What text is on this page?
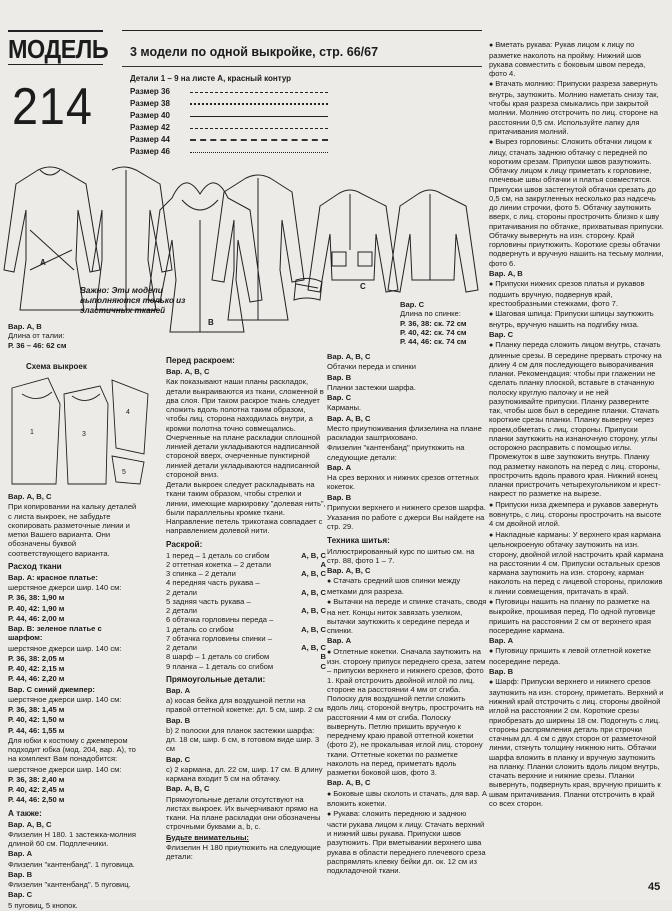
МОДЕЛЬ
214
3 модели по одной выкройке, стр. 66/67
Детали 1 – 9 на листе А, красный контур
Размер 36
Размер 38
Размер 40
Размер 42
Размер 44
Размер 46
А
В
С
Вар. А, В
Длина от талии:
Р. 36 – 46: 62 см
Важно: Эти модели выполняются только из эластичных тканей
Вар. С
Длина по спинке:
Р. 36, 38: ск. 72 см
Р. 40, 42: ск. 74 см
Р. 44, 46: ск. 74 см
Схема выкроек
1	3
4
5

Вар. А, В, С

При копировании на кальку деталей с листа выкроек, не забудьте скопировать разметочные линии и метки Вашего варианта. Они обозначены буквой соответствующего варианта.

Расход ткани

Вар. А: красное платье:

шерстяное джерси шир. 140 см:

Р. 36, 38: 1,90 м

Р. 40, 42: 1,90 м

Р. 44, 46: 2,00 м

Вар. В: зеленое платье с шарфом:

шерстяное джерси шир. 140 см:

Р. 36, 38: 2,05 м

Р. 40, 42: 2,15 м

Р. 44, 46: 2,20 м

Вар. С синий джемпер:

шерстяное джерси шир. 140 см:

Р. 36, 38: 1,45 м

Р. 40, 42: 1,50 м

Р. 44, 46: 1,55 м

Для юбки к костюму с джемпером подходит юбка (мод. 204, вар. А), то на комплект Вам понадобится:

шерстяное джерси шир. 140 см:

Р. 36, 38: 2,40 м

Р. 40, 42: 2,45 м

Р. 44, 46: 2,50 м

А также:

Вар. А, В, С

Флизелин Н 180. 1 застежка-молния длиной 60 см. Подплечники.

Вар. А

Флизелин "кантенбанд". 1 пуговица.

Вар. В

Флизелин "кантенбанд". 5 пуговиц.

Вар. С

5 пуговиц, 5 кнопок.

Перед раскроем:

Вар. А, В, С

Как показывают наши планы раскладок, детали выкраиваются из ткани, сложенной в два слоя. При таком раскрое ткань следует сложить вдоль полотна таким образом, чтобы лиц. сторона находилась внутри, а кромки полотна точно совмещались. Очерченные на плане раскладки сплошной линией детали укладываются надписанной стороной вверх, очерченные пунктирной линией детали укладываются надписанной стороной вниз.

Детали выкроек следует раскладывать на ткани таким образом, чтобы стрелки и линии, имеющие маркировку "долевая нить", были параллельны кромке ткани. Направление петель трикотажа совпадает с направлением долевой нити.

Раскрой:

1 перед – 1 деталь со сгибом	А, В, С
2 оттетная кокетка – 2 детали	А
3 спинка – 2 детали	А, В, С
4 передняя часть рукава –
2 детали	А, В, С
5 задняя часть рукава –
2 детали	А, В, С
6 обтачка горловины переда –
1 деталь со сгибом	А, В, С
7 обтачка горловины спинки –
2 детали	А, В, С
8 шарф – 1 деталь со сгибом	В
9 планка – 1 деталь со сгибом	С

Прямоугольные детали:

Вар. А

а) косая бейка для воздушной петли на правой оттетной кокетке: дл. 5 см, шир. 2 см

Вар. В

b) 2 полоски для планок застежки шарфа: дл. 18 см, шир. 6 см, в готовом виде шир. 3 см

Вар. С

с) 2 кармана, дл. 22 см, шир. 17 см. В длину кармана входит 5 см на обтачку.

Вар. А, В, С

Прямоугольные детали отсутствуют на листах выкроек. Их вычерчивают прямо на ткани. На плане раскладки они обозначены строчными буквами а, b, с.

Будьте внимательны:

Флизелин Н 180 приутюжить на следующие детали:

Вар. А, В, С

Обтачки переда и спинки

Вар. В

Планки застежки шарфа.

Вар. С

Карманы.

Вар. А, В, С

Место приутюживания флизелина на плане раскладки заштриховано.

Флизелин "кантенбанд" приутюжить на следующие детали:

Вар. А

На срез верхних и нижних срезов оттетных кокеток.

Вар. В

Припуски верхнего и нижнего срезов шарфа.

Указания по работе с джерси Вы найдете на стр. 29.

Техника шитья:

Иллюстрированный курс по шитью см. на стр. 88, фото 1 – 7.

Вар. А, В, С

● Стачать средний шов спинки между метками для разреза.

● Вытачки на переде и спинке стачать, сводя на нет. Концы ниток завязать узелком, вытачки заутюжить к середине переда и спинки.

Вар. А

● Отлетные кокетки. Сначала заутюжить на изн. сторону припуск переднего среза, затем – припуски верхнего и нижнего срезов, фото 1. Край отстрочить двойной иглой по лиц. стороне на расстоянии 4 мм от сгиба. Полоску для воздушной петли сложить вдоль лиц. стороной внутрь, прострочить на расстоянии 4 мм от сгиба. Полоску вывернуть. Петлю пришить вручную к переднему краю правой оттетной кокетки (фото 2), не прокалывая иглой лиц. сторону ткани. Оттетные кокетки по разметке наколоть на перед, приметать вдоль разметки боковой шов, фото 3.

Вар. А, В, С

● Боковые швы сколоть и стачать, для вар. А вложить кокетки.

● Рукава: сложить переднюю и заднюю части рукава лицом к лицу. Стачать верхний и нижний швы рукава. Припуски швов разутюжить. При вметывании верхнего шва рукава в области переднего плечевого среза распрямлять клевку бейки дл. ок. 12 см из подкладочной ткани.

● Вметать рукава: Рукав лицом к лицу по разметке наколоть на пройму. Нижний шов рукава совместить с боковым швом переда, фото 4.

● Втачать молнию: Припуски разреза завернуть внутрь, заутюжить. Молнию наметать снизу так, чтобы края разреза смыкались при закрытой молнии. Молнию отстрочить по лиц. стороне на расстоянии 0,5 см. Используйте лапку для притачивания молний.

● Вырез горловины: Сложить обтачки лицом к лицу, стачать заднюю обтачку с передней по коротким срезам. Припуски швов разутюжить. Обтачку лицом к лицу приметать к горловине, плечевые швы обтачки и платья совместятся. Припуски швов застегнутой обтачки срезать до 0,5 см, на закругленных несколько раз надсечь до линии строчки, фото 5. Обтачку заутюжить вверх, с лиц. стороны прострочить близко к шву притачивания по обтачке, прихватывая припуски. Обтачку вывернуть на изн. сторону. Край горловины приутюжить. Короткие срезы обтачки подвернуть и вручную нашить на тесьму молнии, фото 6.

Вар. А, В

● Припуски нижних срезов платья и рукавов подшить вручную, подвернув край, крестообразными стежками, фото 7.

● Шаговая шпица: Припуски шпицы заутюжить внутрь, вручную нашить на подгибку низа.

Вар. С

● Планку переда сложить лицом внутрь, стачать длинные срезы. В середине прервать строчку на длину 4 см для последующего выворачивания планки. Рекомендация: чтобы при глажении не сделать планку плоской, вставьте в стачанную полоску круглую палочку и не ней разутюживайте припуски. Планку разверните так, чтобы шов был в середине планки. Стачать короткие срезы планки. Планку выверну через проем,обметать с лиц. стороны. Припуски планки заутюжить на изнаночную сторону, углы осторожно расправить с помощью иглы. Промежуток в шве заутюжить внутрь. Планку под разметку наколоть на перед с лиц. стороны, прострочить вдоль правого края. Нижний конец планки пристрочить четырехугольником и крест-накрест по разметке на вырезе.

● Припуски низа джемпера и рукавов завернуть вовнутрь, с лиц. стороны прострочить на высоте 4 см двойной иглой.

● Накладные карманы: У верхнего края кармана цельнокроеную обтачку заутюжить на изн. сторону, двойной иглой настрочить край кармана на расстоянии 4 см. Припуски остальных срезов кармана заутюжить на изн. сторону, карман наколоть на перед с лицевой стороны, приложив к линии совмещения, притачать в край.

● Пуговицы нашить на планку по разметке на выкройке, прошивая перед. По одной пуговице пришить на расстоянии 2 см от верхнего края посередине кармана.

Вар. А

● Пуговицу пришить к левой отлетной кокетке посередине переда.

Вар. В

● Шарф: Припуски верхнего и нижнего срезов заутюжить на изн. сторону, приметать. Верхний и нижний край отстрочить с лиц. стороны двойной иглой на расстоянии 2 см. Короткие срезы приобрезать до ширины 18 см. Подогнуть с лиц. стороны распрямления деталь при строчки стачным дл. 4 см с двух сторон от разметочной линии, стянуть толщину нижнюю нить. Обтачки шарфа вложить в планку и вручную заутюжить на планку. Планки сложить вдоль лицом внутрь, стачать верхние и нижние срезы. Планки вывернуть, подвернуть края, вручную пришить к швам притачивания. Планки отстрочить в край со всех сторон.

45
